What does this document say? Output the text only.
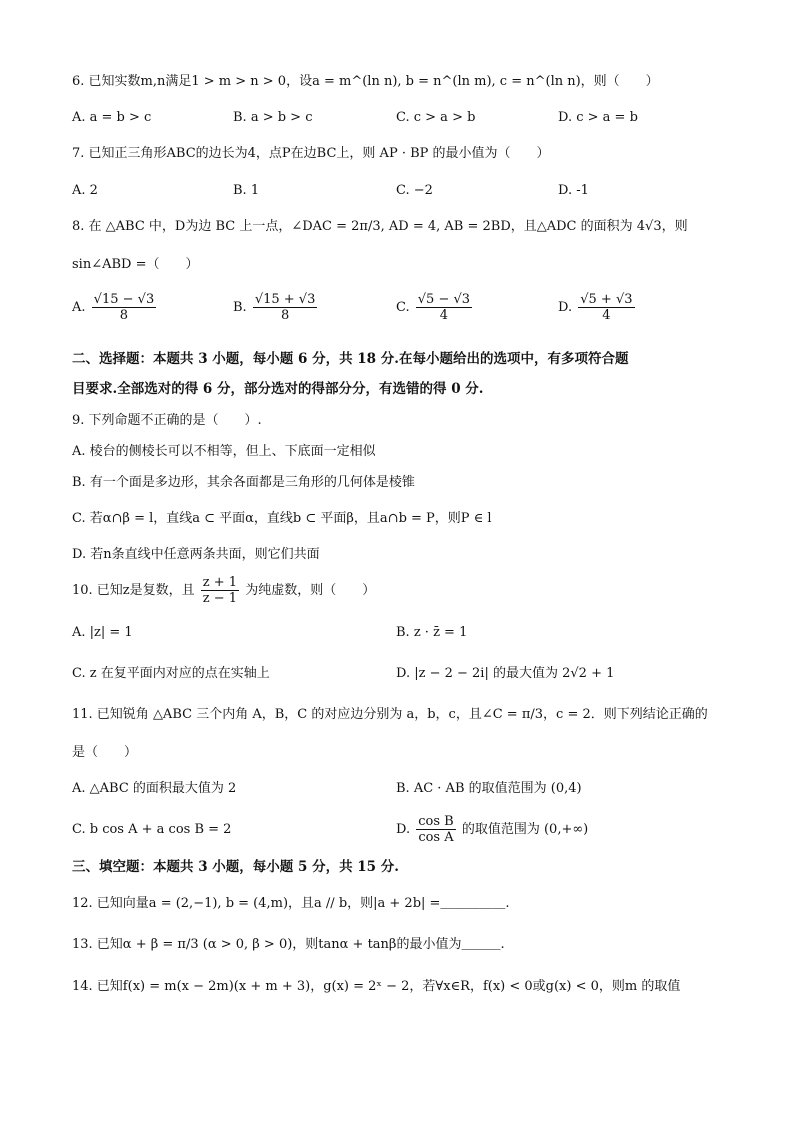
6. 已知实数m,n满足1 > m > n > 0，设a = m^(ln n), b = n^(ln m), c = n^(ln n)，则（　　）
A. a = b > c	B. a > b > c	C. c > a > b	D. c > a = b
7. 已知正三角形ABC的边长为4，点P在边BC上，则 AP · BP 的最小值为（　　）
A. 2	B. 1	C. −2	D. -1
8. 在 △ABC 中，D为边 BC 上一点，∠DAC = 2π/3, AD = 4, AB = 2BD，且△ADC 的面积为 4√3，则
sin∠ABD =（　　）
A. $\frac{√15 - √3}{8}$	B. $\frac{√15 + √3}{8}$	C. $\frac{√5 - √3}{4}$	D. $\frac{√5 + √3}{4}$
二、选择题：本题共 3 小题，每小题 6 分，共 18 分.在每小题给出的选项中，有多项符合题
目要求.全部选对的得 6 分，部分选对的得部分分，有选错的得 0 分.
9. 下列命题不正确的是（　　）.
A. 棱台的侧棱长可以不相等，但上、下底面一定相似
B. 有一个面是多边形，其余各面都是三角形的几何体是棱锥
C. 若α∩β = l，直线a ⊂ 平面α，直线b ⊂ 平面β，且a∩b = P，则P ∈ l
D. 若n条直线中任意两条共面，则它们共面
10. 已知z是复数，且 $\frac{z + 1}{z - 1}$ 为纯虚数，则（　　）
A. |z| = 1	B. z · z̄ = 1
C. z 在复平面内对应的点在实轴上	D. |z − 2 − 2i| 的最大值为 2√2 + 1
11. 已知锐角 △ABC 三个内角 A，B，C 的对应边分别为 a，b，c，且∠C = π/3，c = 2．则下列结论正确的
是（　　）
A. △ABC 的面积最大值为 2	B. AC · AB 的取值范围为 (0,4)
C. b cos A + a cos B = 2	D. $\frac{\text{cos B}}{\text{cos A}}$ 的取值范围为 (0,+∞)
三、填空题：本题共 3 小题，每小题 5 分，共 15 分.
12. 已知向量a = (2,−1), b = (4,m)，且a // b，则|a + 2b| =＿＿＿＿＿.
13. 已知α + β = π/3 (α > 0, β > 0)，则tanα + tanβ的最小值为＿＿＿.
14. 已知f(x) = m(x − 2m)(x + m + 3)，g(x) = 2ˣ − 2，若∀x∈R，f(x) < 0或g(x) < 0，则m 的取值
